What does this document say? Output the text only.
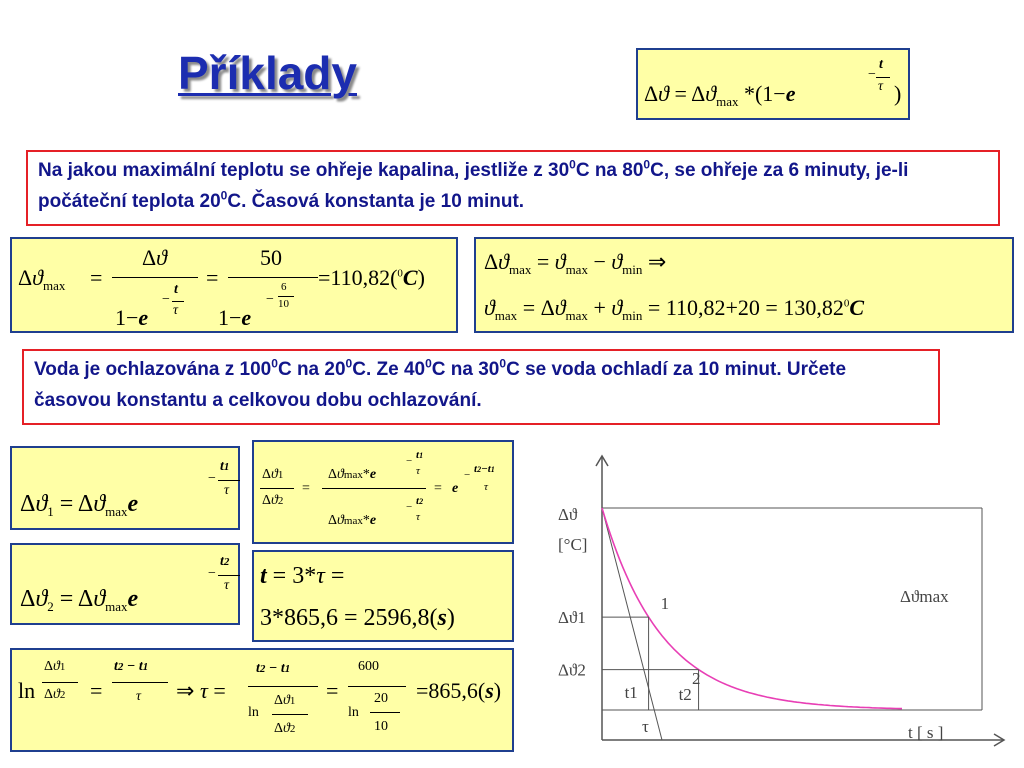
Příklady	$\Delta ϑ = \Delta ϑ_{max}$ *(1−e
−
t
τ )
Na jakou maximální teplotu se ohřeje kapalina, jestliže z $30^0C$ na $80^0C$, se ohřeje za 6 minuty, je-li počáteční teplota $20^0C$. Časová konstanta je 10 minut.
$\Delta ϑ_{max}$ =
Δϑ
1−e
−
t
τ
=
50
1−e
−
6
10
=110,82($^0$C)
$\Delta ϑ_{max} = ϑ_{max} - ϑ_{min}$ ⇒
$ϑ_{max} = \Delta ϑ_{max} + ϑ_{min} = 110,82+20 = 130,82^0C$
Voda je ochlazována z $100^0C$ na $20^0C$. Ze $40^0C$ na $30^0C$ se voda ochladí za 10 minut. Určete časovou konstantu a celkovou dobu ochlazování.
$\Delta ϑ_1 = \Delta ϑ_{max}e$
−
t1
τ
$\Delta ϑ_2 = \Delta ϑ_{max}e$
−
t2
τ
Δϑ1
Δϑ2
=
Δϑmax*e
Δϑmax*e
− t1
τ
− t2
τ
= e
− t2−t1
τ
t = 3*τ =
3*865,6 = 2596,8(s)
ln
Δϑ1
Δϑ2 =
t2 − t1
τ ⇒ τ =
t2 − t1
ln
Δϑ1
Δϑ2
=
600
ln
20
10
=865,6(s)
Δϑ
[°C]
Δϑ1
Δϑ2
t1 t2
τ
1
2
Δϑmax
t [ s ]
